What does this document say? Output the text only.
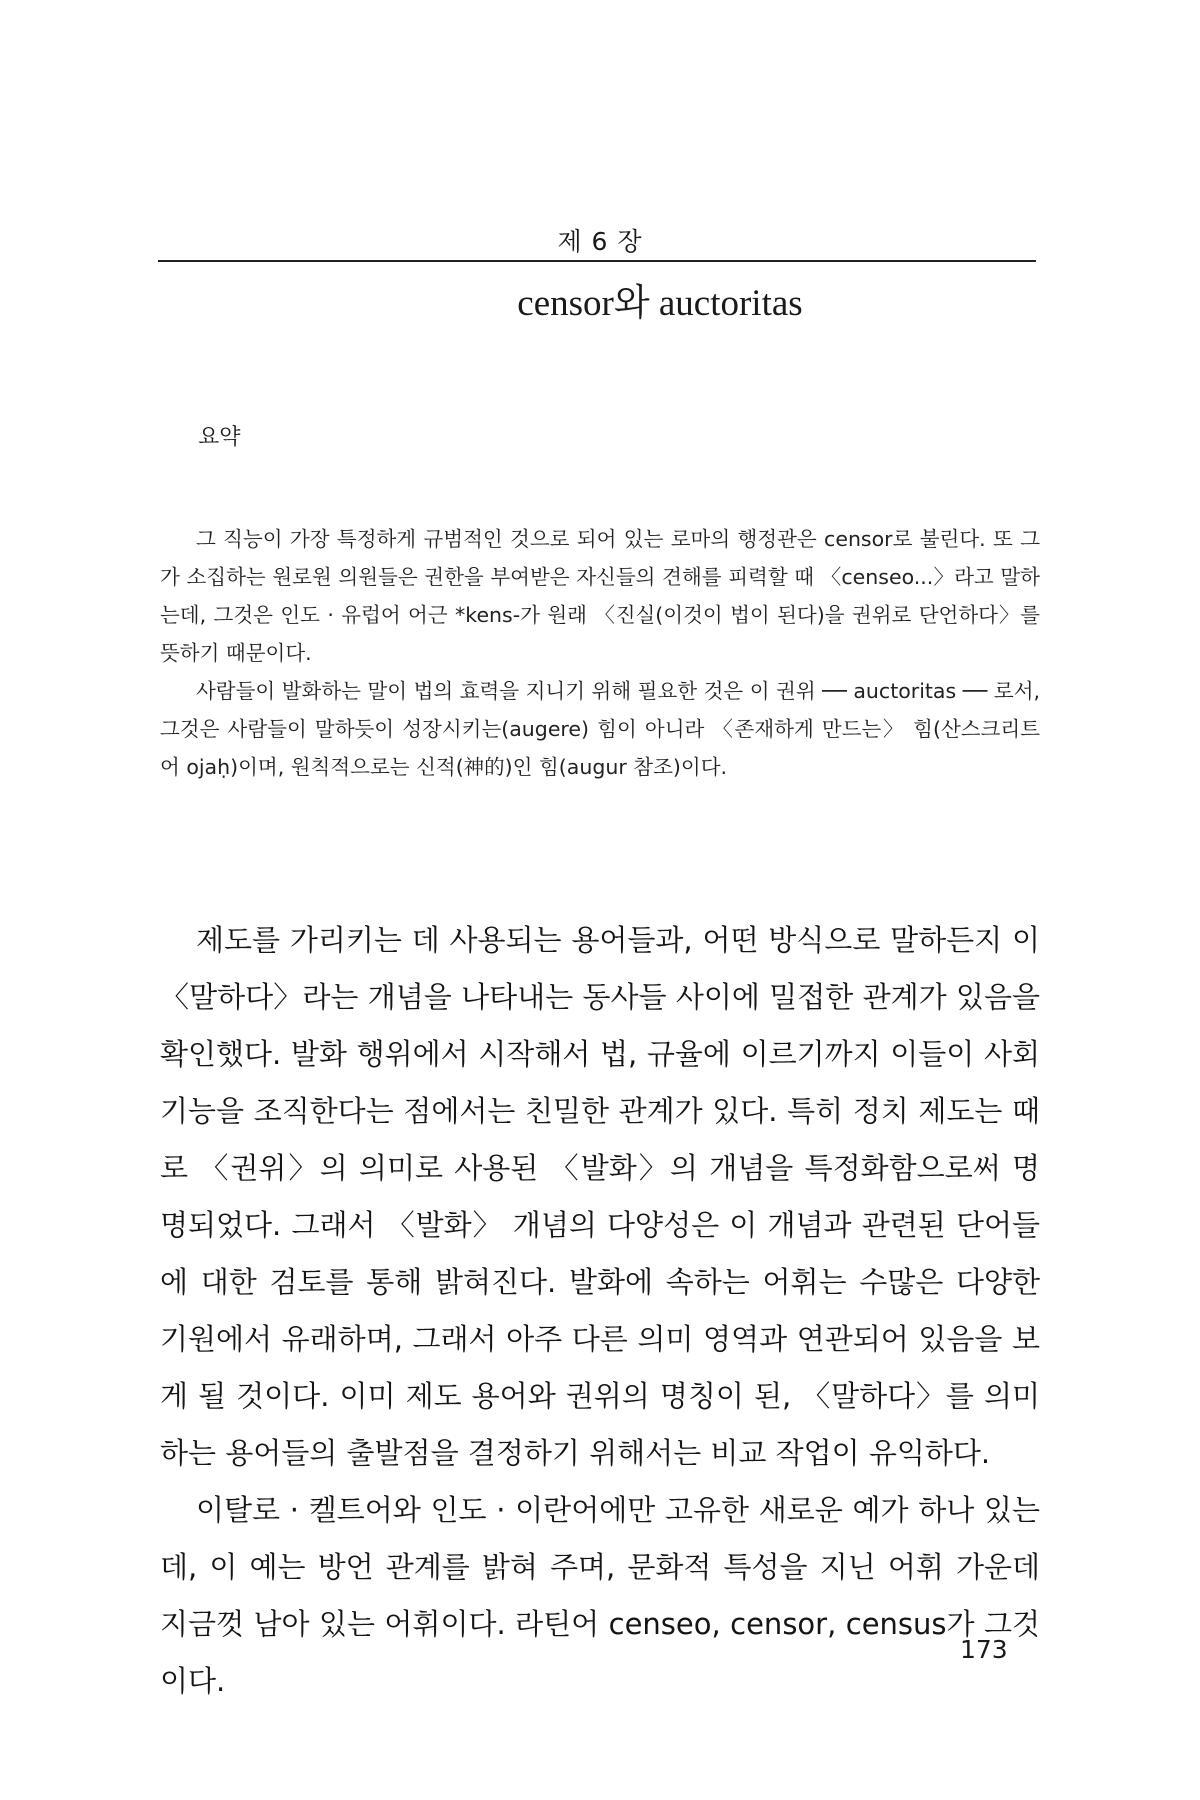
제 6 장
censor와 auctoritas
요약

그 직능이 가장 특정하게 규범적인 것으로 되어 있는 로마의 행정관은 censor로 불린다. 또 그가 소집하는 원로원 의원들은 권한을 부여받은 자신들의 견해를 피력할 때 〈censeo...〉라고 말하는데, 그것은 인도 · 유럽어 어근 *kens-가 원래 〈진실(이것이 법이 된다)을 권위로 단언하다〉를 뜻하기 때문이다.

사람들이 발화하는 말이 법의 효력을 지니기 위해 필요한 것은 이 권위 ── auctoritas ── 로서, 그것은 사람들이 말하듯이 성장시키는(augere) 힘이 아니라 〈존재하게 만드는〉 힘(산스크리트어 ojaḥ)이며, 원칙적으로는 신적(神的)인 힘(augur 참조)이다.

제도를 가리키는 데 사용되는 용어들과, 어떤 방식으로 말하든지 이 〈말하다〉라는 개념을 나타내는 동사들 사이에 밀접한 관계가 있음을 확인했다. 발화 행위에서 시작해서 법, 규율에 이르기까지 이들이 사회 기능을 조직한다는 점에서는 친밀한 관계가 있다. 특히 정치 제도는 때로 〈권위〉의 의미로 사용된 〈발화〉의 개념을 특정화함으로써 명명되었다. 그래서 〈발화〉 개념의 다양성은 이 개념과 관련된 단어들에 대한 검토를 통해 밝혀진다. 발화에 속하는 어휘는 수많은 다양한 기원에서 유래하며, 그래서 아주 다른 의미 영역과 연관되어 있음을 보게 될 것이다. 이미 제도 용어와 권위의 명칭이 된, 〈말하다〉를 의미하는 용어들의 출발점을 결정하기 위해서는 비교 작업이 유익하다.

이탈로 · 켈트어와 인도 · 이란어에만 고유한 새로운 예가 하나 있는데, 이 예는 방언 관계를 밝혀 주며, 문화적 특성을 지닌 어휘 가운데 지금껏 남아 있는 어휘이다. 라틴어 censeo, censor, census가 그것이다.

173
